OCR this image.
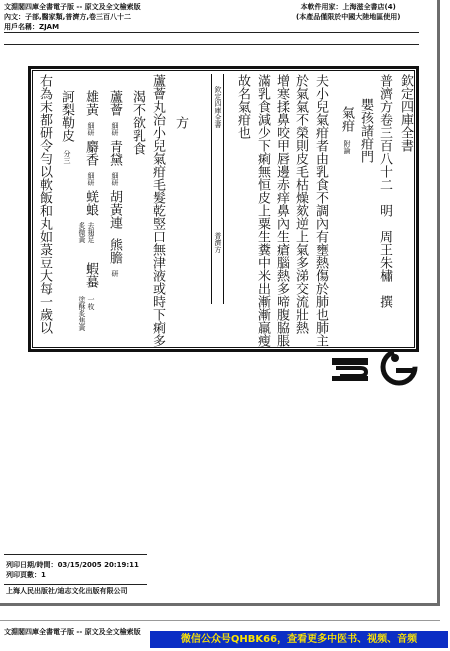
文淵閣四庫全書電子版 -- 原文及全文檢索版
內文：子部,醫家類,普濟方,卷三百八十二
用戶名稱：ZJAM
本軟件用家：上海滋全書店(4)
(本產品僅限於中國大陸地區使用)
欽定四庫全書
普濟方卷三百八十二　明　周王朱橚　撰
嬰孩諸疳門
氣疳
附論
夫小兒氣疳者由乳食不調內有壅熱傷於肺也肺主
於氣氣不榮則皮毛枯燥欬逆上氣多涕交流壯熱
增寒揉鼻咬甲唇邊赤痒鼻內生瘡腦熱多啼腹脇脹
滿乳食減少下痢無恒皮上粟生糞中米出漸漸羸瘦
故名氣疳也
欽定四庫全書
普濟方
方
蘆薈丸治小兒氣疳毛髮乾竪口無津液或時下痢多
渴不欲乳食
蘆薈
細研
青黛
細研
胡黃連
熊膽
研
雄黃
細研
麝香
細研
蜣蜋
去翅足
炙微黃
蝦蟇
一枚
塗酥炙焦黃
訶梨勒皮
分三
右為末都研令勻以軟飯和丸如菉豆大每一歲以
列印日期/時間：03/15/2005 20:19:11
列印頁數：1
上海人民出版社/迪志文化出版有限公司
文淵閣四庫全書電子版 -- 原文及全文檢索版
微信公众号QHBK66，查看更多中医书、视频、音频
